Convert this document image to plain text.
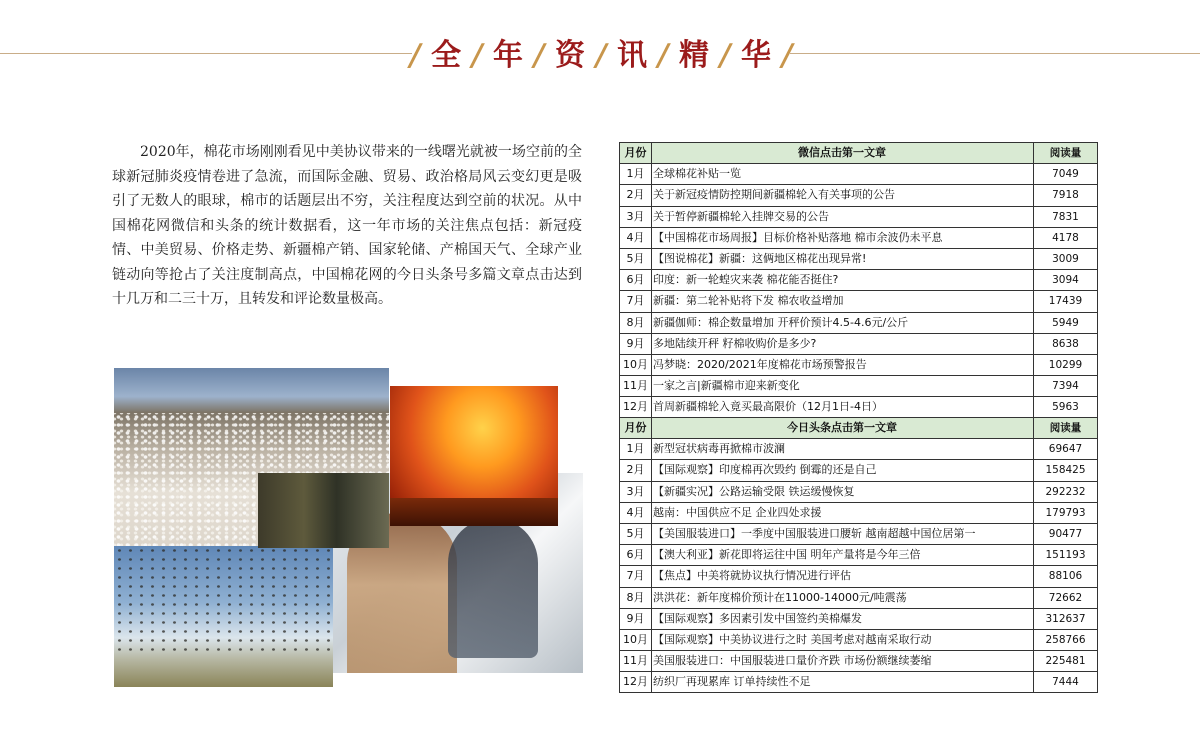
/ 全 / 年 / 资 / 讯 / 精 / 华 /

2020年，棉花市场刚刚看见中美协议带来的一线曙光就被一场空前的全球新冠肺炎疫情卷进了急流，而国际金融、贸易、政治格局风云变幻更是吸引了无数人的眼球，棉市的话题层出不穷，关注程度达到空前的状况。从中国棉花网微信和头条的统计数据看，这一年市场的关注焦点包括：新冠疫情、中美贸易、价格走势、新疆棉产销、国家轮储、产棉国天气、全球产业链动向等抢占了关注度制高点，中国棉花网的今日头条号多篇文章点击达到十几万和二三十万，且转发和评论数量极高。

月份	微信点击第一文章	阅读量
1月	全球棉花补贴一览	7049
2月	关于新冠疫情防控期间新疆棉轮入有关事项的公告	7918
3月	关于暂停新疆棉轮入挂牌交易的公告	7831
4月	【中国棉花市场周报】目标价格补贴落地 棉市余波仍未平息	4178
5月	【图说棉花】新疆：这俩地区棉花出现异常!	3009
6月	印度：新一轮蝗灾来袭 棉花能否挺住?	3094
7月	新疆：第二轮补贴将下发 棉农收益增加	17439
8月	新疆伽师：棉企数量增加 开秤价预计4.5-4.6元/公斤	5949
9月	多地陆续开秤 籽棉收购价是多少?	8638
10月	冯梦晓：2020/2021年度棉花市场预警报告	10299
11月	一家之言|新疆棉市迎来新变化	7394
12月	首周新疆棉轮入竟买最高限价（12月1日-4日）	5963
月份	今日头条点击第一文章	阅读量
1月	新型冠状病毒再掀棉市波澜	69647
2月	【国际观察】印度棉再次毁约 倒霉的还是自己	158425
3月	【新疆实况】公路运输受限 铁运缓慢恢复	292232
4月	越南：中国供应不足 企业四处求援	179793
5月	【美国服装进口】一季度中国服装进口腰斩 越南超越中国位居第一	90477
6月	【澳大利亚】新花即将运往中国 明年产量将是今年三倍	151193
7月	【焦点】中美将就协议执行情况进行评估	88106
8月	洪洪花：新年度棉价预计在11000-14000元/吨震荡	72662
9月	【国际观察】多因素引发中国签约美棉爆发	312637
10月	【国际观察】中美协议进行之时 美国考虑对越南采取行动	258766
11月	美国服装进口：中国服装进口量价齐跌 市场份额继续萎缩	225481
12月	纺织厂再现累库 订单持续性不足	7444
